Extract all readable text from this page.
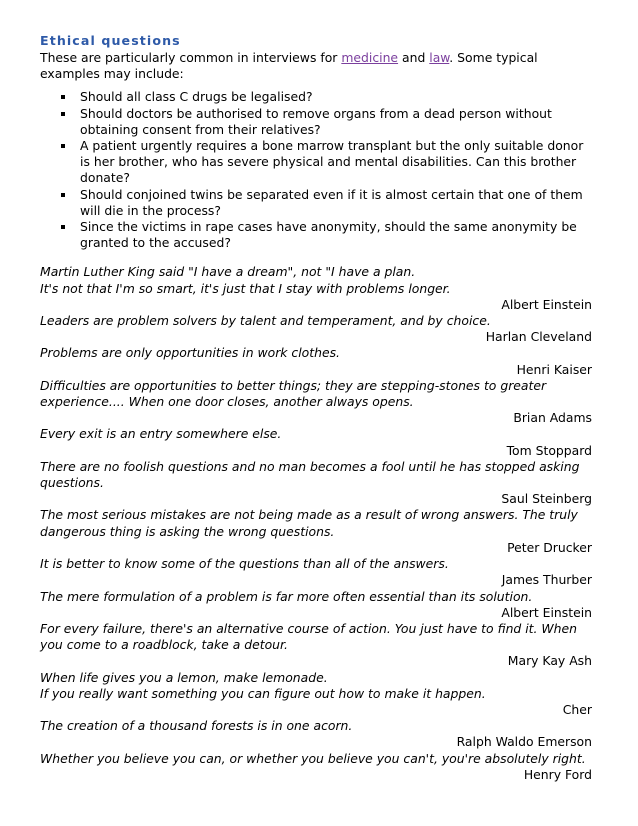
Ethical questions

These are particularly common in interviews for medicine and law. Some typical examples may include:

Should all class C drugs be legalised?
Should doctors be authorised to remove organs from a dead person without obtaining consent from their relatives?
A patient urgently requires a bone marrow transplant but the only suitable donor is her brother, who has severe physical and mental disabilities. Can this brother donate?
Should conjoined twins be separated even if it is almost certain that one of them will die in the process?
Since the victims in rape cases have anonymity, should the same anonymity be granted to the accused?

Martin Luther King said "I have a dream", not "I have a plan.

It's not that I'm so smart, it's just that I stay with problems longer.

Albert Einstein

Leaders are problem solvers by talent and temperament, and by choice.

Harlan Cleveland

Problems are only opportunities in work clothes.

Henri Kaiser

Difficulties are opportunities to better things; they are stepping-stones to greater experience.... When one door closes, another always opens.

Brian Adams

Every exit is an entry somewhere else.

Tom Stoppard

There are no foolish questions and no man becomes a fool until he has stopped asking questions.

Saul Steinberg

The most serious mistakes are not being made as a result of wrong answers. The truly dangerous thing is asking the wrong questions.

Peter Drucker

It is better to know some of the questions than all of the answers.

James Thurber

The mere formulation of a problem is far more often essential than its solution.

Albert Einstein

For every failure, there's an alternative course of action. You just have to find it. When you come to a roadblock, take a detour.

Mary Kay Ash

When life gives you a lemon, make lemonade.

If you really want something you can figure out how to make it happen.

Cher

The creation of a thousand forests is in one acorn.

Ralph Waldo Emerson

Whether you believe you can, or whether you believe you can't, you're absolutely right.

Henry Ford
